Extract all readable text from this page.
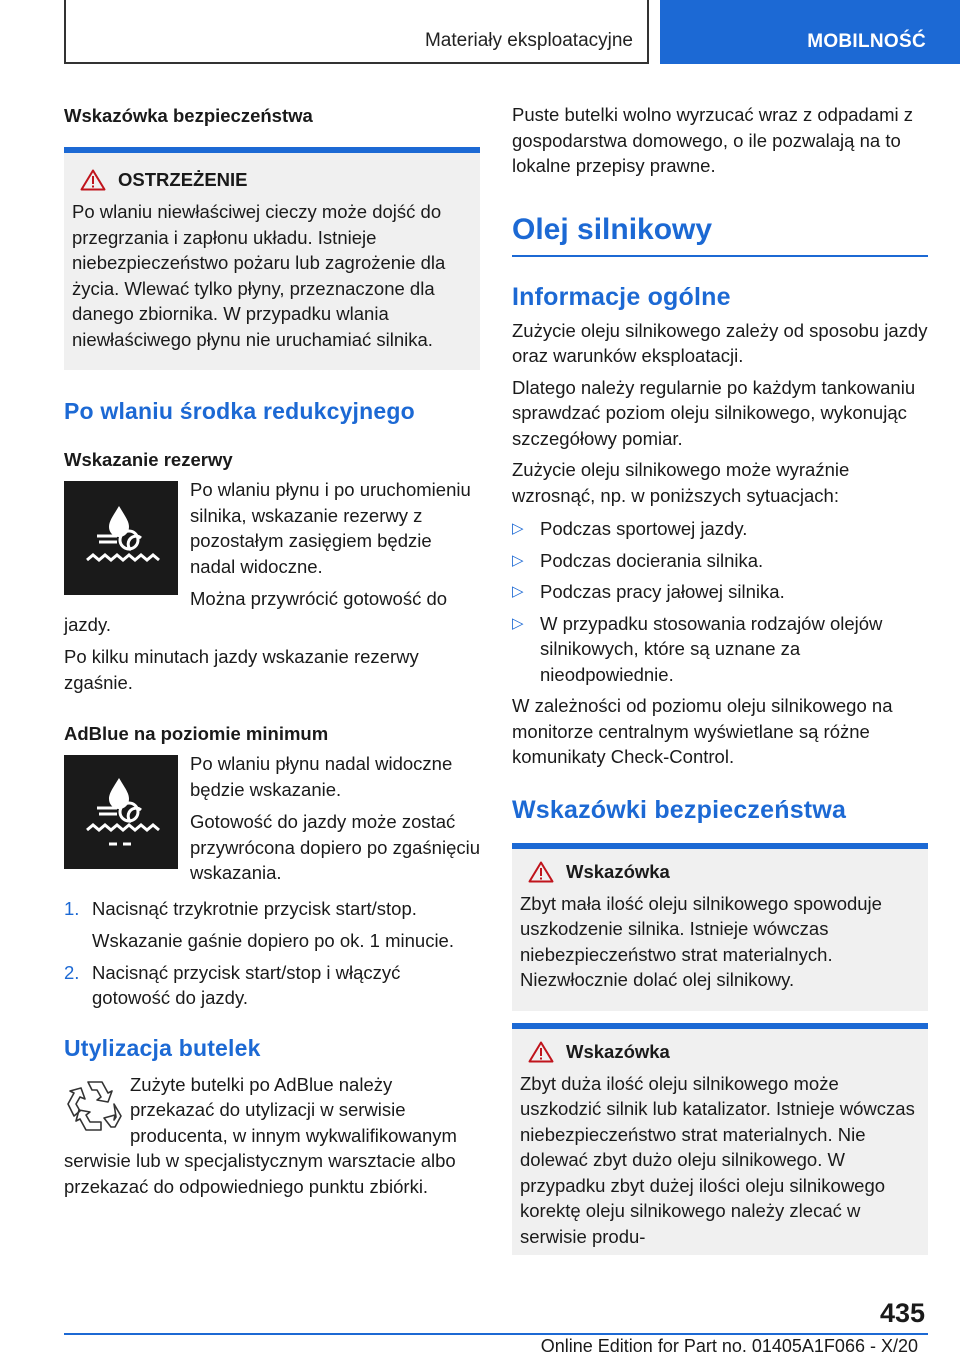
Materiały eksploatacyjne	MOBILNOŚĆ
Wskazówka bezpieczeństwa
OSTRZEŻENIE

Po wlaniu niewłaściwej cieczy może dojść do przegrzania i zapłonu układu. Istnieje niebezpieczeństwo pożaru lub zagrożenie dla życia. Wlewać tylko płyny, przeznaczone dla danego zbiornika. W przypadku wlania niewłaściwego płynu nie uruchamiać silnika.

Po wlaniu środka redukcyjnego
Wskazanie rezerwy

Po wlaniu płynu i po uruchomieniu silnika, wskazanie rezerwy z pozostałym zasięgiem będzie nadal widoczne.

Można przywrócić gotowość do jazdy.

Po kilku minutach jazdy wskazanie rezerwy zgaśnie.

AdBlue na poziomie minimum

Po wlaniu płynu nadal widoczne będzie wskazanie.

Gotowość do jazdy może zostać przywrócona dopiero po zgaśnięciu wskazania.

1. Nacisnąć trzykrotnie przycisk start/stop.
Wskazanie gaśnie dopiero po ok. 1 minucie.
2. Nacisnąć przycisk start/stop i włączyć gotowość do jazdy.
Utylizacja butelek

Zużyte butelki po AdBlue należy przekazać do utylizacji w serwisie producenta, w innym wykwalifikowanym serwisie lub w specjalistycznym warsztacie albo przekazać do odpowiedniego punktu zbiórki.

Puste butelki wolno wyrzucać wraz z odpadami z gospodarstwa domowego, o ile pozwalają na to lokalne przepisy prawne.

Olej silnikowy
Informacje ogólne

Zużycie oleju silnikowego zależy od sposobu jazdy oraz warunków eksploatacji.

Dlatego należy regularnie po każdym tankowaniu sprawdzać poziom oleju silnikowego, wykonując szczegółowy pomiar.

Zużycie oleju silnikowego może wyraźnie wzrosnąć, np. w poniższych sytuacjach:

▷ Podczas sportowej jazdy.
▷ Podczas docierania silnika.
▷ Podczas pracy jałowej silnika.
▷ W przypadku stosowania rodzajów olejów silnikowych, które są uznane za nieodpowiednie.

W zależności od poziomu oleju silnikowego na monitorze centralnym wyświetlane są różne komunikaty Check-Control.

Wskazówki bezpieczeństwa
Wskazówka

Zbyt mała ilość oleju silnikowego spowoduje uszkodzenie silnika. Istnieje wówczas niebezpieczeństwo strat materialnych. Niezwłocznie dolać olej silnikowy.

Wskazówka

Zbyt duża ilość oleju silnikowego może uszkodzić silnik lub katalizator. Istnieje wówczas niebezpieczeństwo strat materialnych. Nie dolewać zbyt dużo oleju silnikowego. W przypadku zbyt dużej ilości oleju silnikowego korektę oleju silnikowego należy zlecać w serwisie produ-

435
Online Edition for Part no. 01405A1F066 - X/20
